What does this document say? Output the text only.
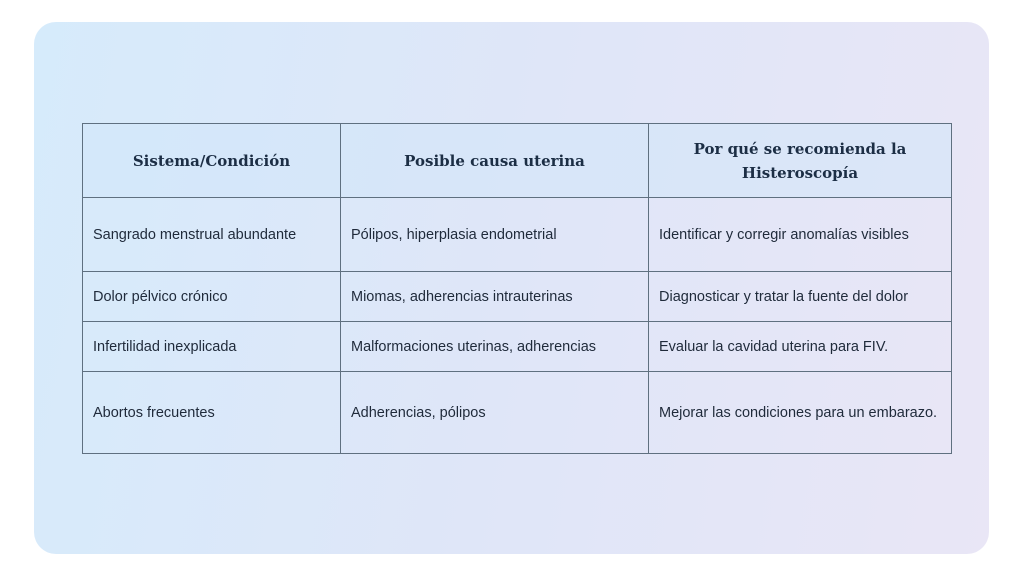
Sistema/Condición	Posible causa uterina	Por qué se recomienda la Histeroscopía
Sangrado menstrual abundante	Pólipos, hiperplasia endometrial	Identificar y corregir anomalías visibles
Dolor pélvico crónico	Miomas, adherencias intrauterinas	Diagnosticar y tratar la fuente del dolor
Infertilidad inexplicada	Malformaciones uterinas, adherencias	Evaluar la cavidad uterina para FIV.
Abortos frecuentes	Adherencias, pólipos	Mejorar las condiciones para un embarazo.
